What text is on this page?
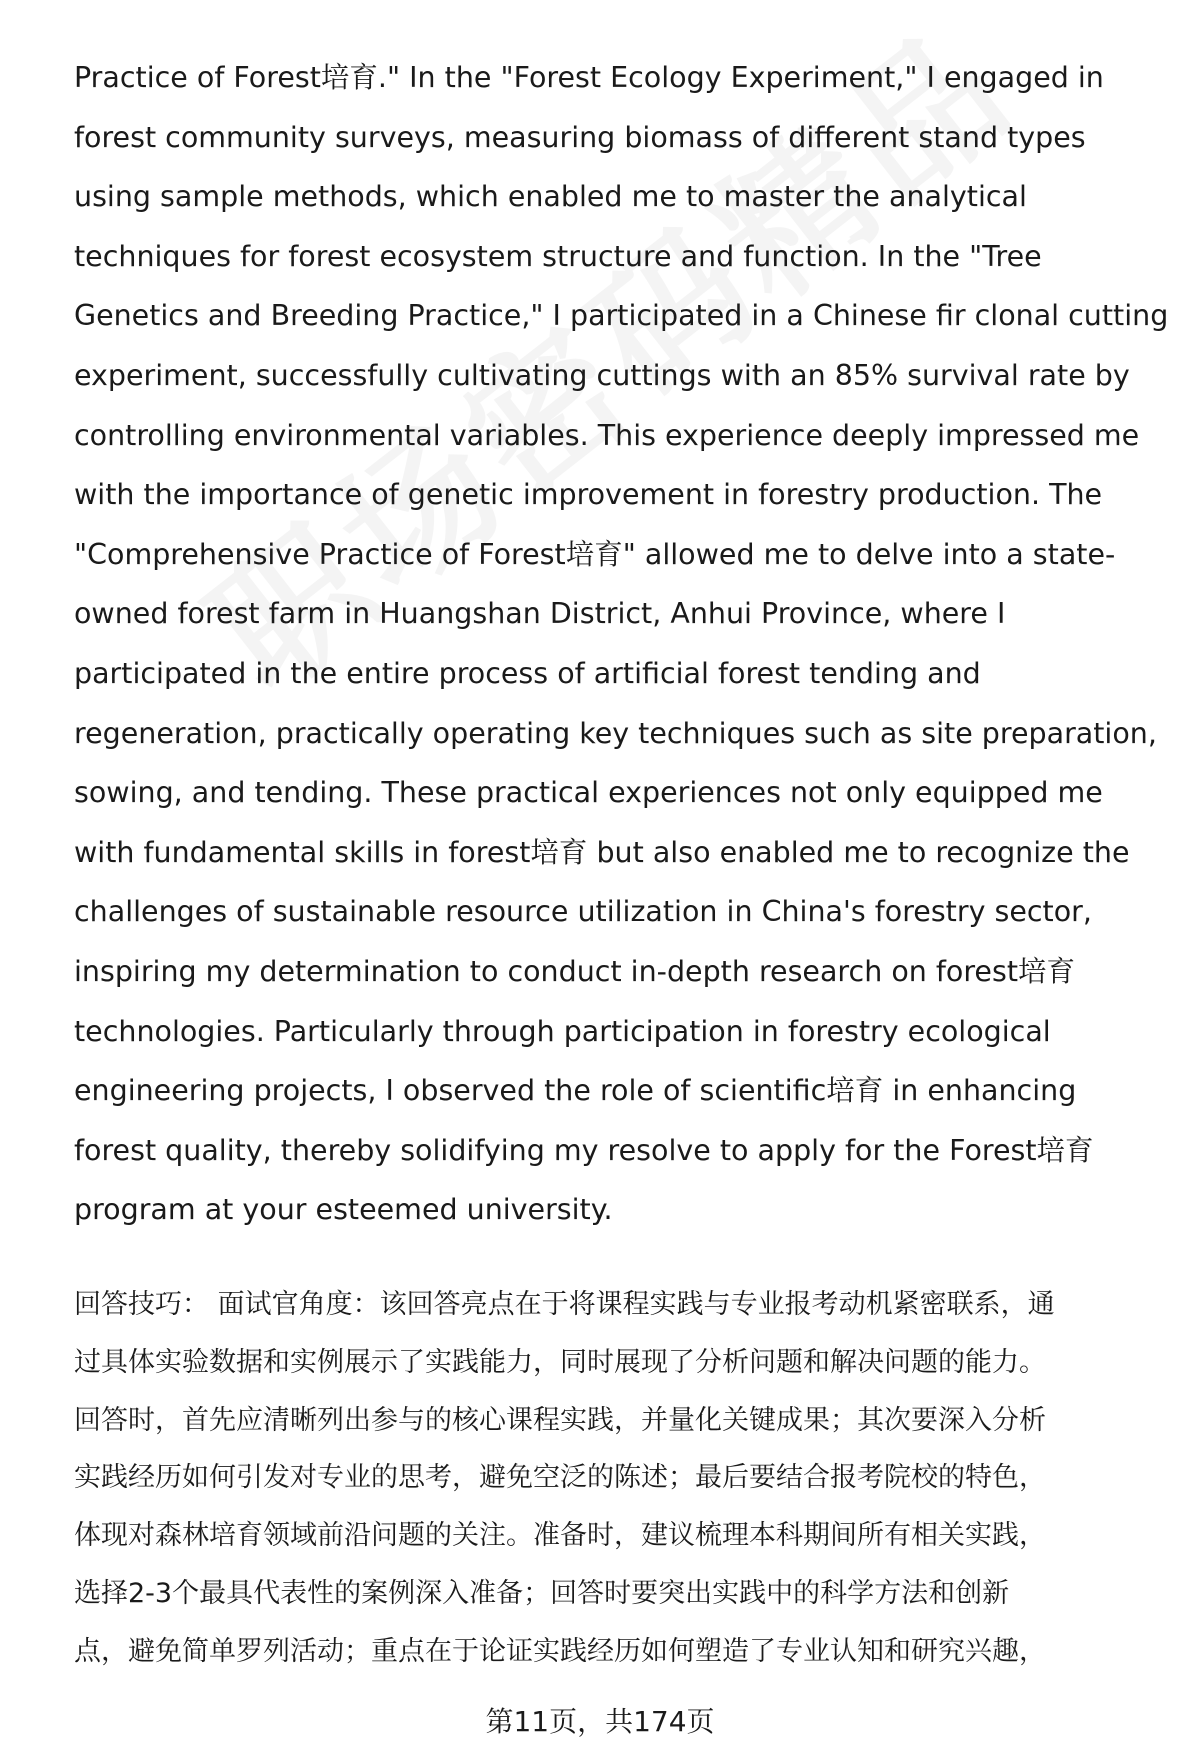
Practice of Forest培育." In the "Forest Ecology Experiment," I engaged in
forest community surveys, measuring biomass of different stand types
using sample methods, which enabled me to master the analytical
techniques for forest ecosystem structure and function. In the "Tree
Genetics and Breeding Practice," I participated in a Chinese fir clonal cutting
experiment, successfully cultivating cuttings with an 85% survival rate by
controlling environmental variables. This experience deeply impressed me
with the importance of genetic improvement in forestry production. The
"Comprehensive Practice of Forest培育" allowed me to delve into a state-
owned forest farm in Huangshan District, Anhui Province, where I
participated in the entire process of artificial forest tending and
regeneration, practically operating key techniques such as site preparation,
sowing, and tending. These practical experiences not only equipped me
with fundamental skills in forest培育 but also enabled me to recognize the
challenges of sustainable resource utilization in China's forestry sector,
inspiring my determination to conduct in-depth research on forest培育
technologies. Particularly through participation in forestry ecological
engineering projects, I observed the role of scientific培育 in enhancing
forest quality, thereby solidifying my resolve to apply for the Forest培育
program at your esteemed university.
回答技巧： 面试官角度：该回答亮点在于将课程实践与专业报考动机紧密联系，通
过具体实验数据和实例展示了实践能力，同时展现了分析问题和解决问题的能力。
回答时，首先应清晰列出参与的核心课程实践，并量化关键成果；其次要深入分析
实践经历如何引发对专业的思考，避免空泛的陈述；最后要结合报考院校的特色，
体现对森林培育领域前沿问题的关注。准备时，建议梳理本科期间所有相关实践，
选择2-3个最具代表性的案例深入准备；回答时要突出实践中的科学方法和创新
点，避免简单罗列活动；重点在于论证实践经历如何塑造了专业认知和研究兴趣，
第11页，共174页
